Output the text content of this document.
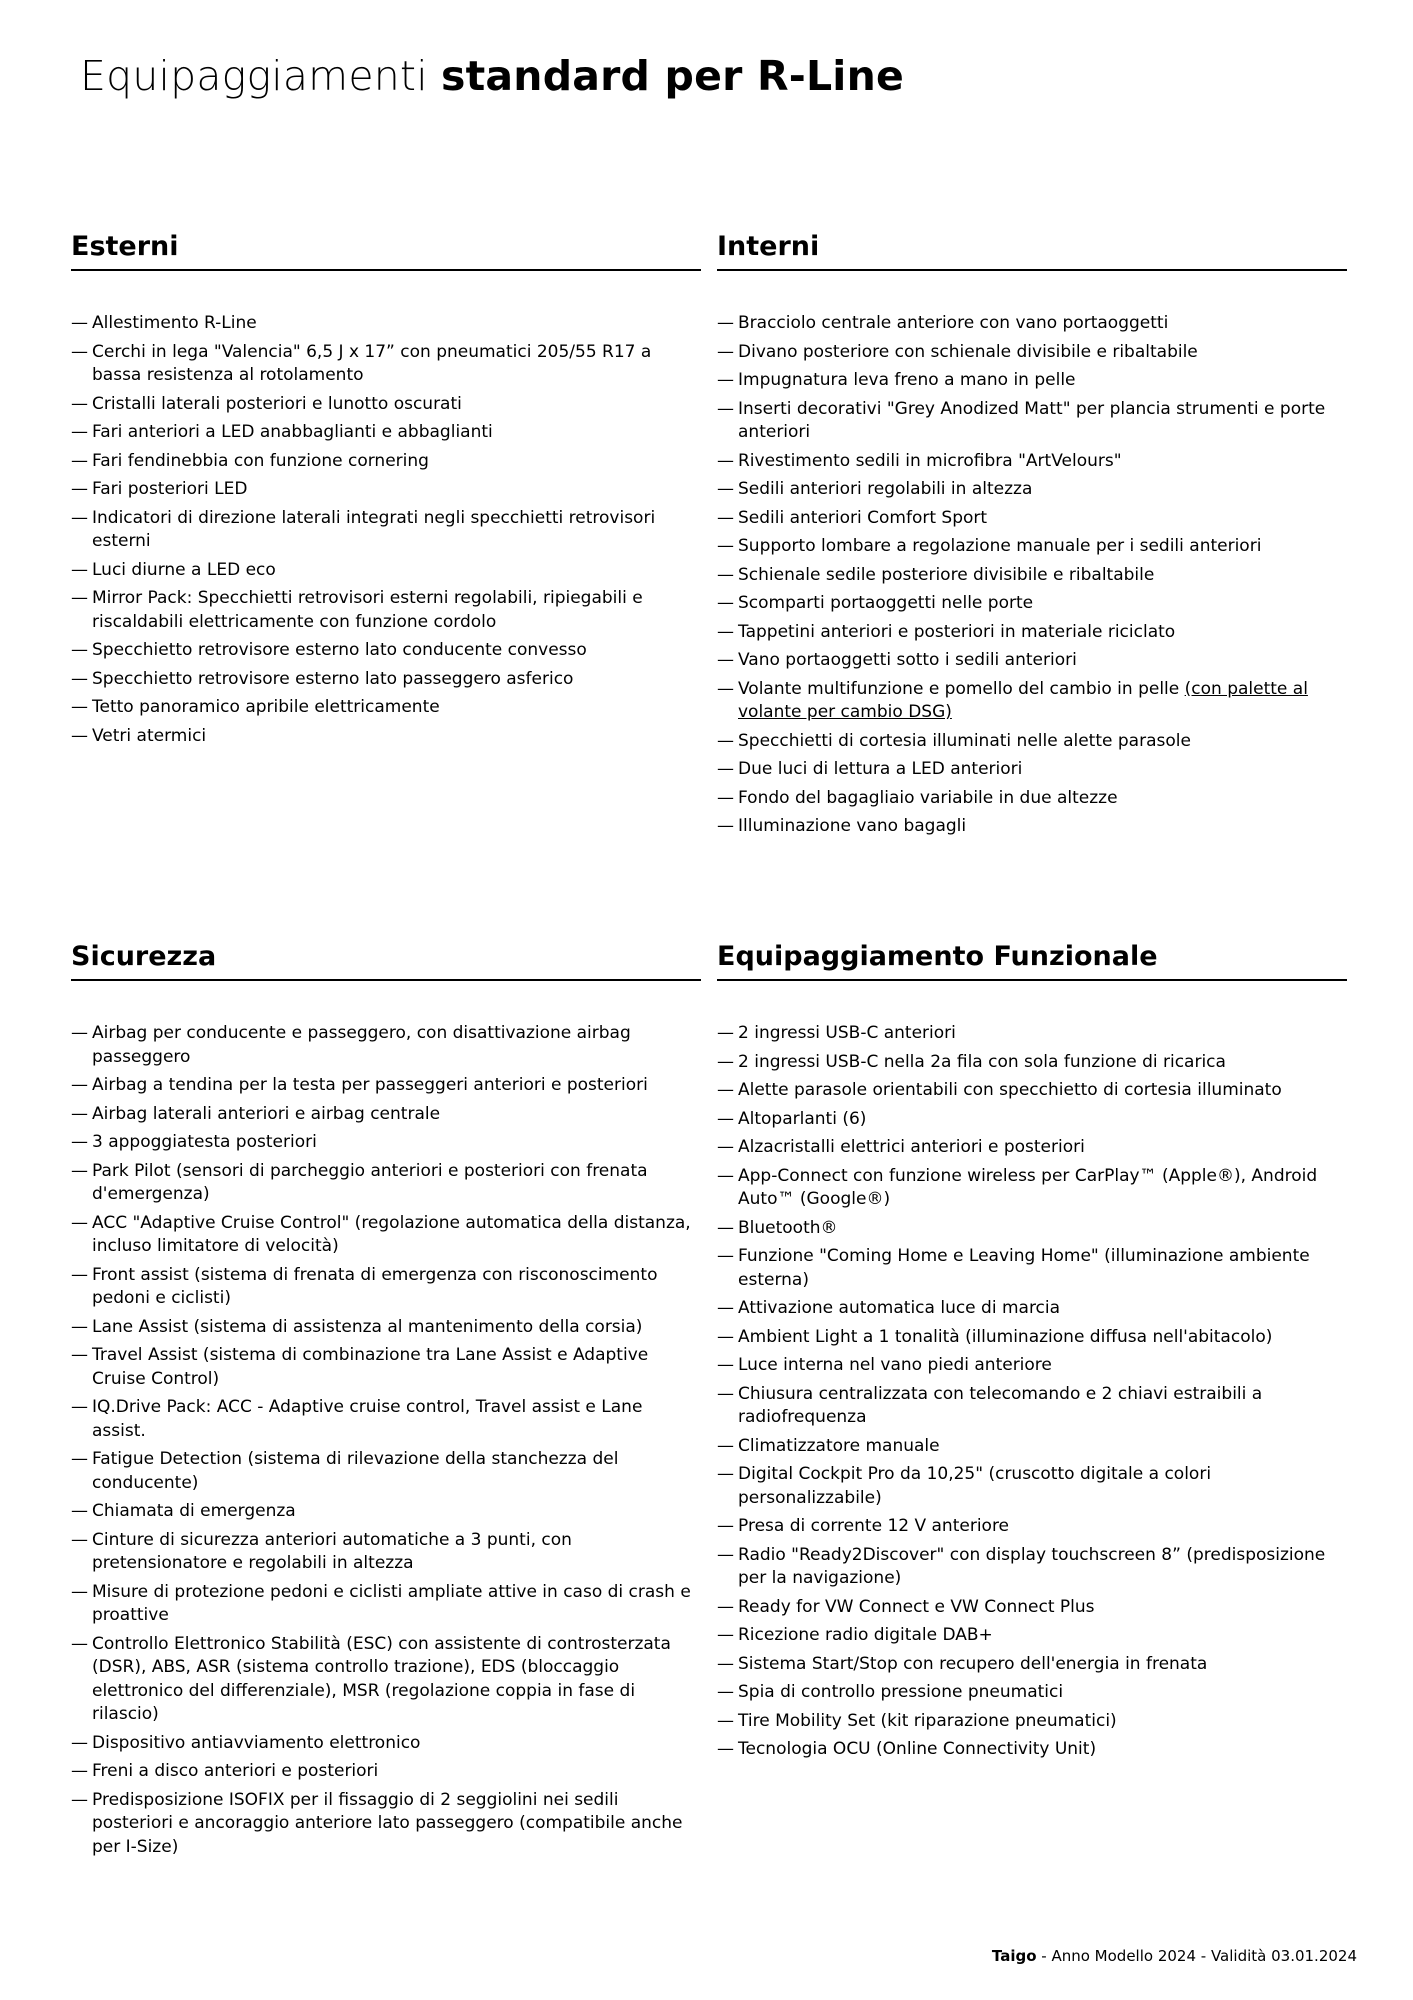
Equipaggiamenti standard per R-Line
Esterni
— Allestimento R-Line
— Cerchi in lega "Valencia" 6,5 J x 17” con pneumatici 205/55 R17 a bassa resistenza al rotolamento
— Cristalli laterali posteriori e lunotto oscurati
— Fari anteriori a LED anabbaglianti e abbaglianti
— Fari fendinebbia con funzione cornering
— Fari posteriori LED
— Indicatori di direzione laterali integrati negli specchietti retrovisori esterni
— Luci diurne a LED eco
— Mirror Pack: Specchietti retrovisori esterni regolabili, ripiegabili e riscaldabili elettricamente con funzione cordolo
— Specchietto retrovisore esterno lato conducente convesso
— Specchietto retrovisore esterno lato passeggero asferico
— Tetto panoramico apribile elettricamente
— Vetri atermici
Interni
— Bracciolo centrale anteriore con vano portaoggetti
— Divano posteriore con schienale divisibile e ribaltabile
— Impugnatura leva freno a mano in pelle
— Inserti decorativi "Grey Anodized Matt" per plancia strumenti e porte anteriori
— Rivestimento sedili in microfibra "ArtVelours"
— Sedili anteriori regolabili in altezza
— Sedili anteriori Comfort Sport
— Supporto lombare a regolazione manuale per i sedili anteriori
— Schienale sedile posteriore divisibile e ribaltabile
— Scomparti portaoggetti nelle porte
— Tappetini anteriori e posteriori in materiale riciclato
— Vano portaoggetti sotto i sedili anteriori
— Volante multifunzione e pomello del cambio in pelle (con palette al volante per cambio DSG)
— Specchietti di cortesia illuminati nelle alette parasole
— Due luci di lettura a LED anteriori
— Fondo del bagagliaio variabile in due altezze
— Illuminazione vano bagagli
Sicurezza
— Airbag per conducente e passeggero, con disattivazione airbag passeggero
— Airbag a tendina per la testa per passeggeri anteriori e posteriori
— Airbag laterali anteriori e airbag centrale
— 3 appoggiatesta posteriori
— Park Pilot (sensori di parcheggio anteriori e posteriori con frenata d'emergenza)
— ACC "Adaptive Cruise Control" (regolazione automatica della distanza, incluso limitatore di velocità)
— Front assist (sistema di frenata di emergenza con risconoscimento pedoni e ciclisti)
— Lane Assist (sistema di assistenza al mantenimento della corsia)
— Travel Assist (sistema di combinazione tra Lane Assist e Adaptive Cruise Control)
— IQ.Drive Pack: ACC - Adaptive cruise control, Travel assist e Lane assist.
— Fatigue Detection (sistema di rilevazione della stanchezza del conducente)
— Chiamata di emergenza
— Cinture di sicurezza anteriori automatiche a 3 punti, con pretensionatore e regolabili in altezza
— Misure di protezione pedoni e ciclisti ampliate attive in caso di crash e proattive
— Controllo Elettronico Stabilità (ESC) con assistente di controsterzata (DSR), ABS, ASR (sistema controllo trazione), EDS (bloccaggio elettronico del differenziale), MSR (regolazione coppia in fase di rilascio)
— Dispositivo antiavviamento elettronico
— Freni a disco anteriori e posteriori
— Predisposizione ISOFIX per il fissaggio di 2 seggiolini nei sedili posteriori e ancoraggio anteriore lato passeggero (compatibile anche per I-Size)
Equipaggiamento Funzionale
— 2 ingressi USB-C anteriori
— 2 ingressi USB-C nella 2a fila con sola funzione di ricarica
— Alette parasole orientabili con specchietto di cortesia illuminato
— Altoparlanti (6)
— Alzacristalli elettrici anteriori e posteriori
— App-Connect con funzione wireless per CarPlay™ (Apple®), Android Auto™ (Google®)
— Bluetooth®
— Funzione "Coming Home e Leaving Home" (illuminazione ambiente esterna)
— Attivazione automatica luce di marcia
— Ambient Light a 1 tonalità (illuminazione diffusa nell'abitacolo)
— Luce interna nel vano piedi anteriore
— Chiusura centralizzata con telecomando e 2 chiavi estraibili a radiofrequenza
— Climatizzatore manuale
— Digital Cockpit Pro da 10,25" (cruscotto digitale a colori personalizzabile)
— Presa di corrente 12 V anteriore
— Radio "Ready2Discover" con display touchscreen 8” (predisposizione per la navigazione)
— Ready for VW Connect e VW Connect Plus
— Ricezione radio digitale DAB+
— Sistema Start/Stop con recupero dell'energia in frenata
— Spia di controllo pressione pneumatici
— Tire Mobility Set (kit riparazione pneumatici)
— Tecnologia OCU (Online Connectivity Unit)
Taigo - Anno Modello 2024 - Validità 03.01.2024
